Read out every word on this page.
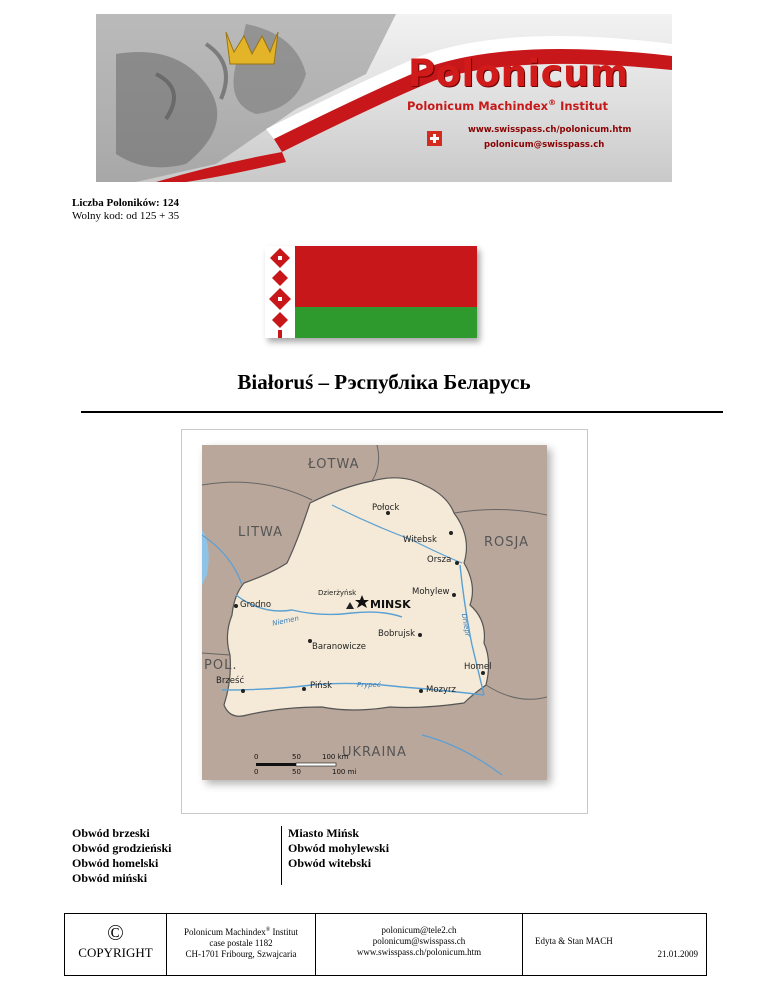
Polonicum
Polonicum Machindex® Institut
www.swisspass.ch/polonicum.htm
polonicum@swisspass.ch
Liczba Poloników: 124
Wolny kod: od 125 + 35
Białoruś – Рэспубліка Беларусь
ŁOTWA
LITWA
ROSJA
POL.
UKRAINA
Połock
Witebsk
Orsza
Mohylew
Dzierżyńsk
Grodno
Bobrujsk
Baranowicze
Homel
Brześć	Pińsk	Mozyrz
MINSK
Niemen
Prypeć
Dniepr
0	50	100 km
0	50	100 mi
Obwód brzeski
Obwód grodzieński
Obwód homelski
Obwód miński
Miasto Mińsk
Obwód mohylewski
Obwód witebski
©
COPYRIGHT
Polonicum Machindex® Institut
case postale 1182
CH-1701 Fribourg, Szwajcaria
polonicum@tele2.ch
polonicum@swisspass.ch
www.swisspass.ch/polonicum.htm
Edyta & Stan MACH
21.01.2009
